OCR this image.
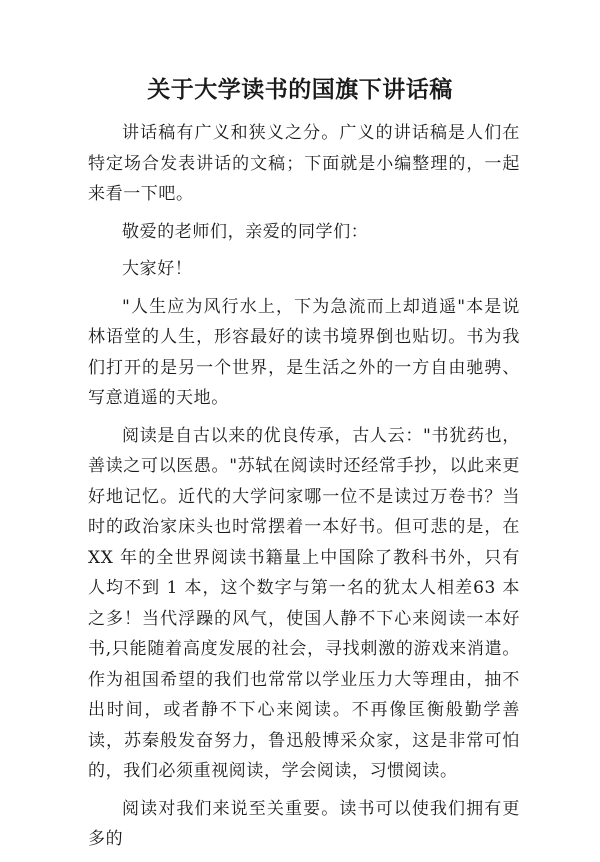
关于大学读书的国旗下讲话稿

讲话稿有广义和狭义之分。广义的讲话稿是人们在特定场合发表讲话的文稿；下面就是小编整理的，一起来看一下吧。

敬爱的老师们，亲爱的同学们：

大家好！

"人生应为风行水上，下为急流而上却逍遥"本是说林语堂的人生，形容最好的读书境界倒也贴切。书为我们打开的是另一个世界，是生活之外的一方自由驰骋、写意逍遥的天地。

阅读是自古以来的优良传承，古人云："书犹药也，善读之可以医愚。"苏轼在阅读时还经常手抄，以此来更好地记忆。近代的大学问家哪一位不是读过万卷书？当时的政治家床头也时常摆着一本好书。但可悲的是，在 XX 年的全世界阅读书籍量上中国除了教科书外，只有人均不到 1 本，这个数字与第一名的犹太人相差63 本之多！当代浮躁的风气，使国人静不下心来阅读一本好书,只能随着高度发展的社会，寻找刺激的游戏来消遣。作为祖国希望的我们也常常以学业压力大等理由，抽不出时间，或者静不下心来阅读。不再像匡衡般勤学善读，苏秦般发奋努力，鲁迅般博采众家，这是非常可怕的，我们必须重视阅读，学会阅读，习惯阅读。

阅读对我们来说至关重要。读书可以使我们拥有更多的
